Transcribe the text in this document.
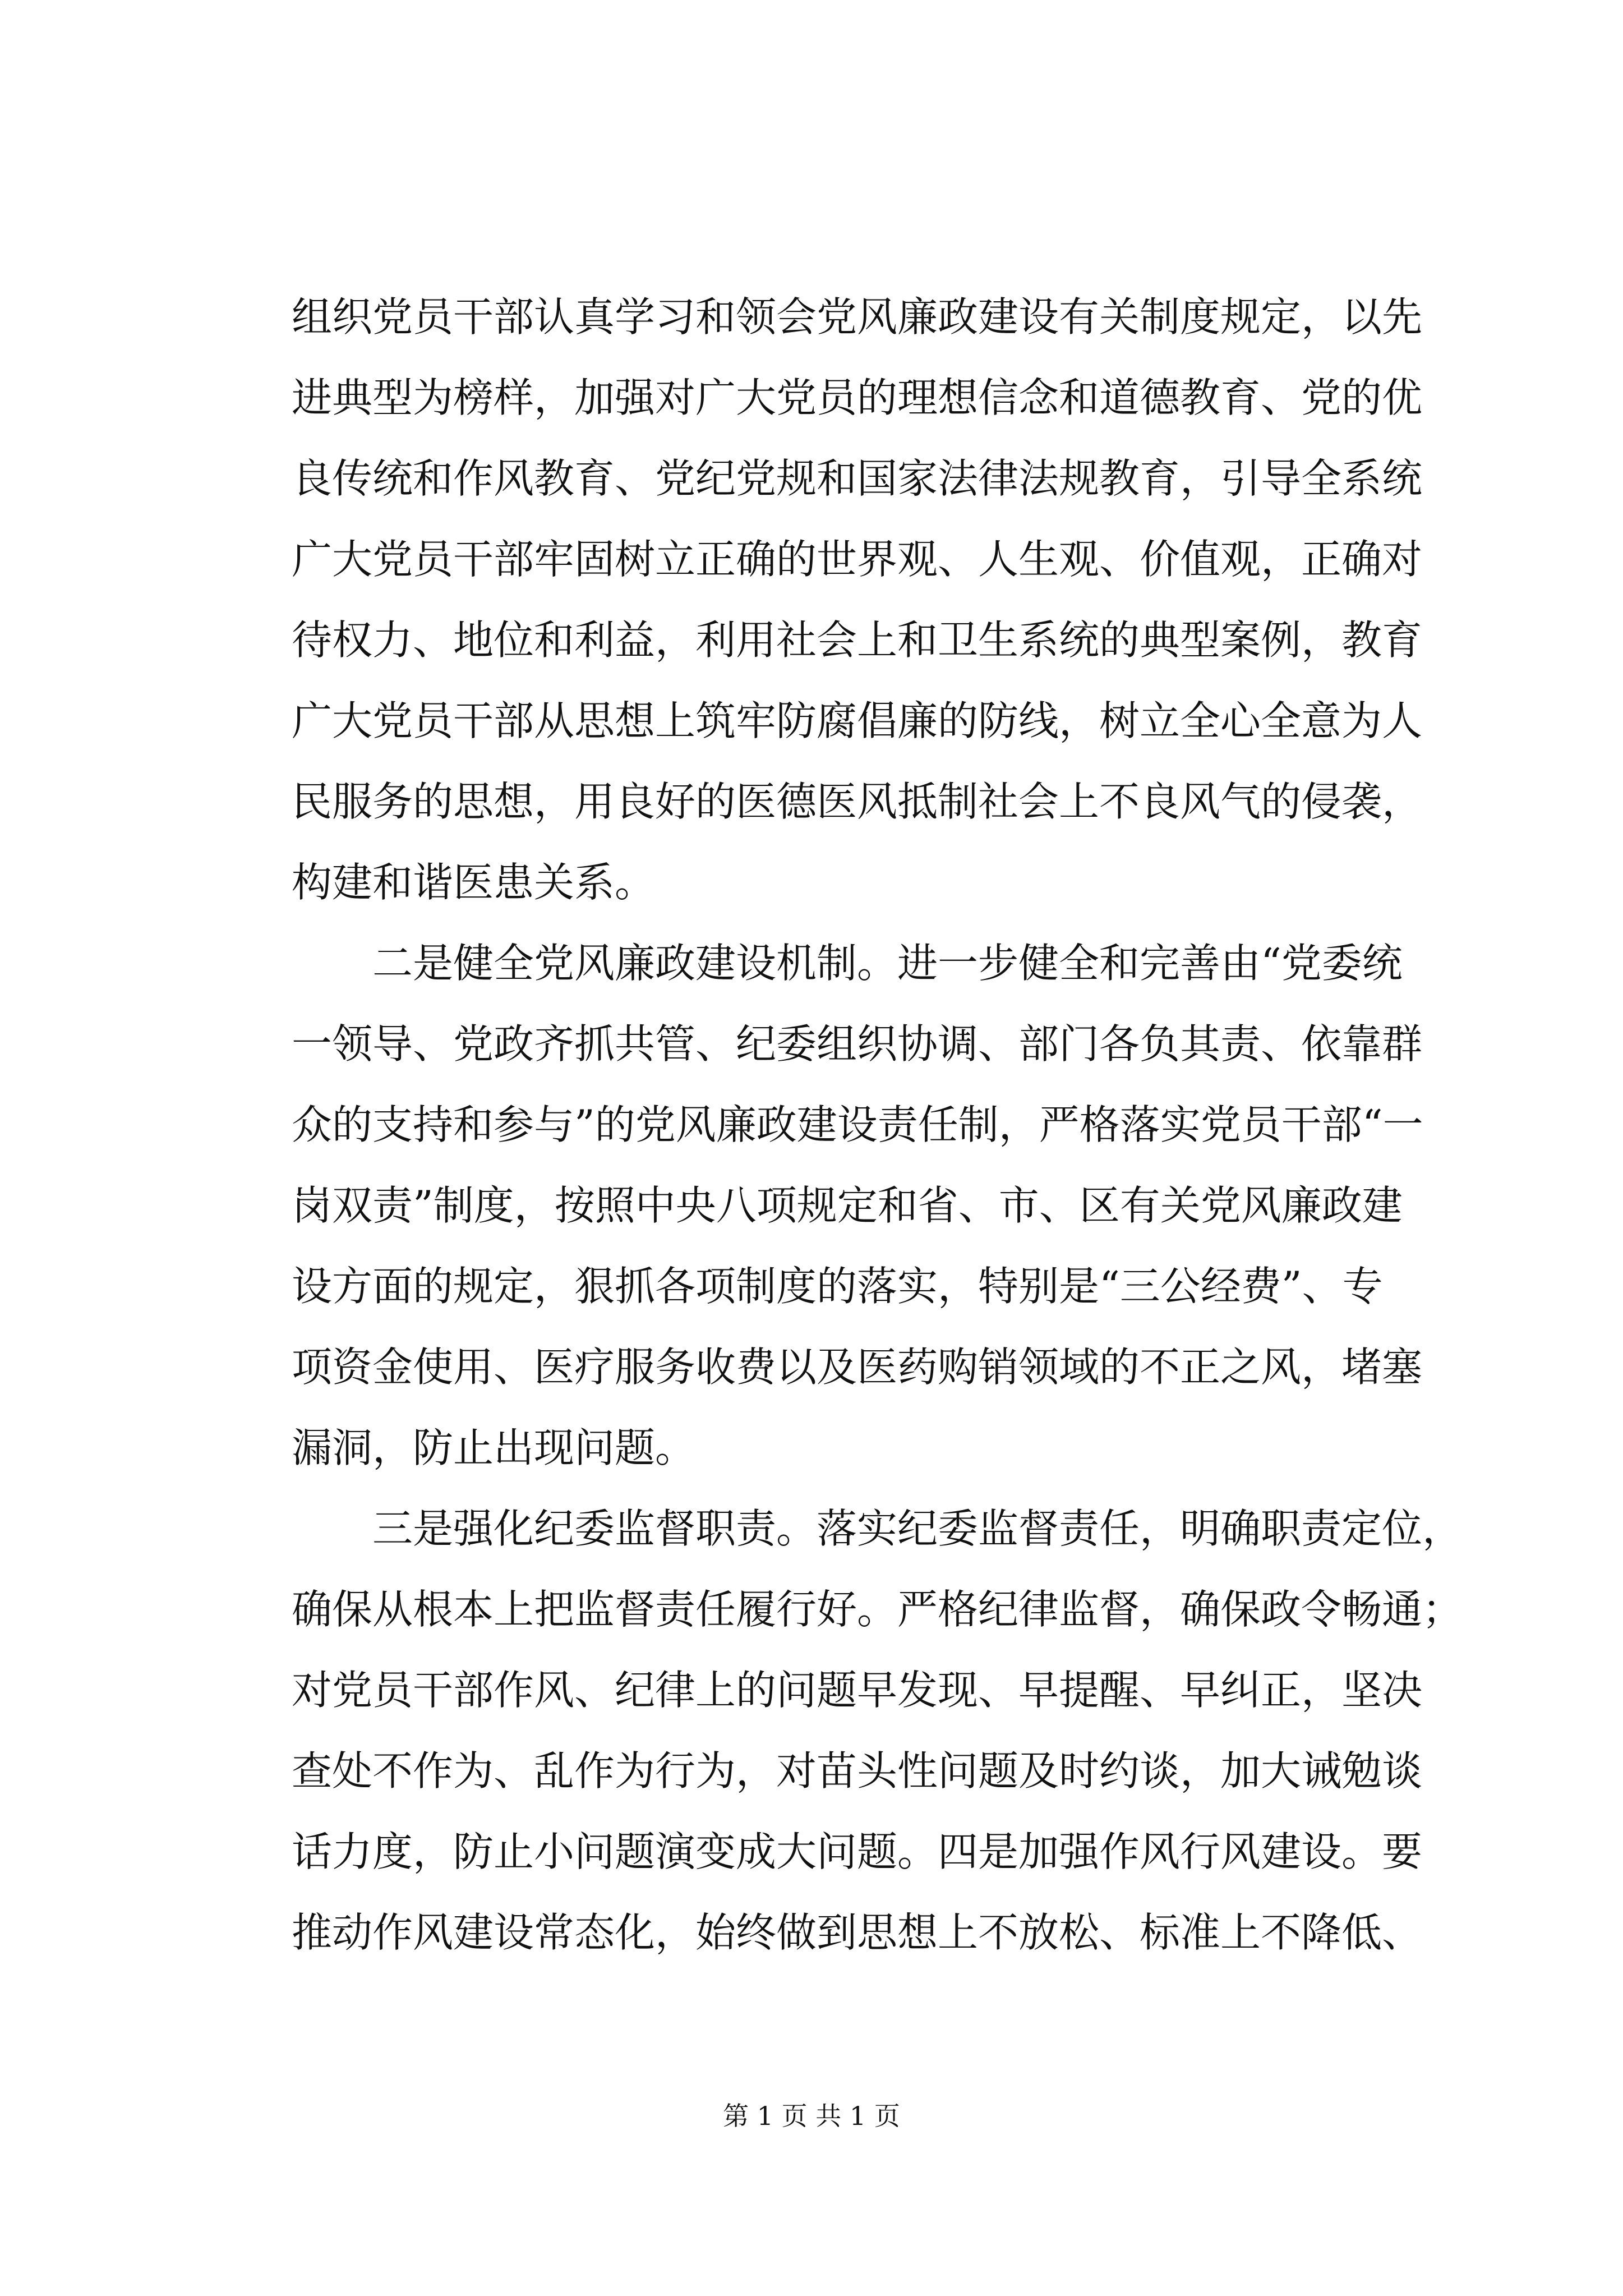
组织党员干部认真学习和领会党风廉政建设有关制度规定，以先
进典型为榜样，加强对广大党员的理想信念和道德教育、党的优
良传统和作风教育、党纪党规和国家法律法规教育，引导全系统
广大党员干部牢固树立正确的世界观、人生观、价值观，正确对
待权力、地位和利益，利用社会上和卫生系统的典型案例，教育
广大党员干部从思想上筑牢防腐倡廉的防线，树立全心全意为人
民服务的思想，用良好的医德医风抵制社会上不良风气的侵袭，
构建和谐医患关系。
　　二是健全党风廉政建设机制。进一步健全和完善由“党委统
一领导、党政齐抓共管、纪委组织协调、部门各负其责、依靠群
众的支持和参与”的党风廉政建设责任制，严格落实党员干部“一
岗双责”制度，按照中央八项规定和省、市、区有关党风廉政建
设方面的规定，狠抓各项制度的落实，特别是“三公经费”、专
项资金使用、医疗服务收费以及医药购销领域的不正之风，堵塞
漏洞，防止出现问题。
　　三是强化纪委监督职责。落实纪委监督责任，明确职责定位，
确保从根本上把监督责任履行好。严格纪律监督，确保政令畅通；
对党员干部作风、纪律上的问题早发现、早提醒、早纠正，坚决
查处不作为、乱作为行为，对苗头性问题及时约谈，加大诫勉谈
话力度，防止小问题演变成大问题。四是加强作风行风建设。要
推动作风建设常态化，始终做到思想上不放松、标准上不降低、
第 1 页 共 1 页
